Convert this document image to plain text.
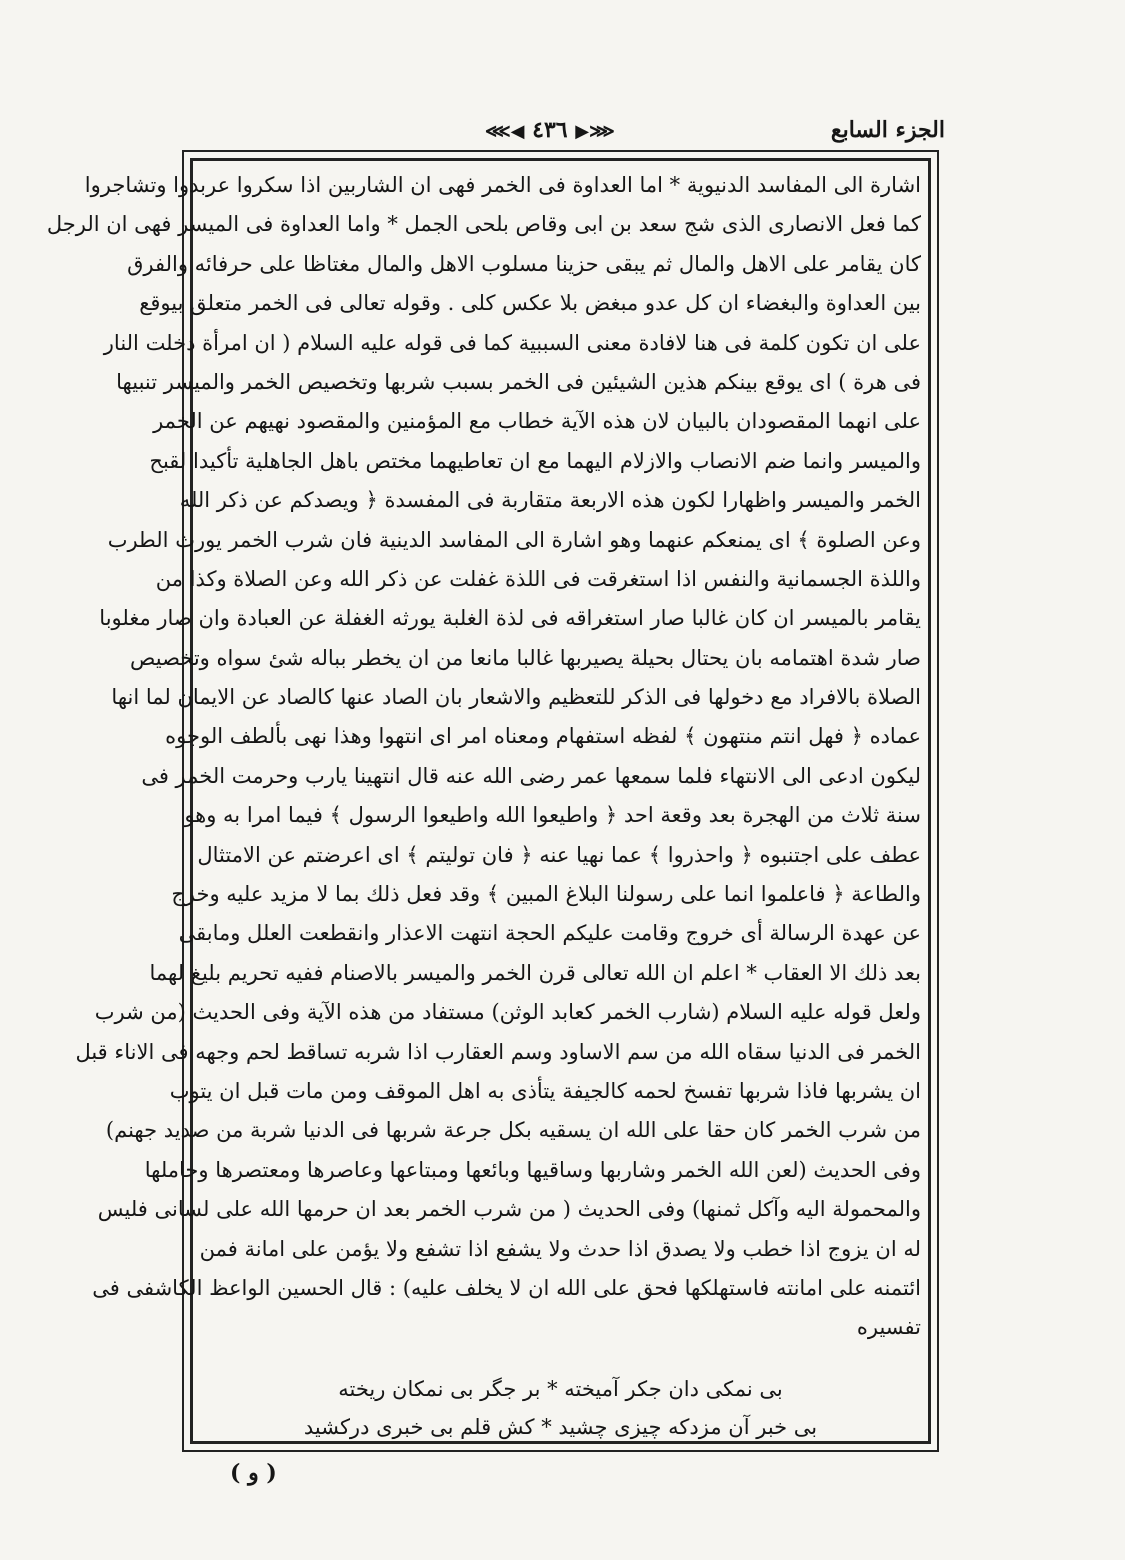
الجزء السابع
⋘▶ ٤٣٦ ◀⋙
اشارة الى المفاسد الدنيوية * اما العداوة فى الخمر فهى ان الشاربين اذا سكروا عربدوا وتشاجروا
كما فعل الانصارى الذى شج سعد بن ابى وقاص بلحى الجمل * واما العداوة فى الميسر فهى ان الرجل
كان يقامر على الاهل والمال ثم يبقى حزينا مسلوب الاهل والمال مغتاظا على حرفائه والفرق
بين العداوة والبغضاء ان كل عدو مبغض بلا عكس كلى . وقوله تعالى فى الخمر متعلق بيوقع
على ان تكون كلمة فى هنا لافادة معنى السببية كما فى قوله عليه السلام ( ان امرأة دخلت النار
فى هرة ) اى يوقع بينكم هذين الشيئين فى الخمر بسبب شربها وتخصيص الخمر والميسر تنبيها
على انهما المقصودان بالبيان لان هذه الآية خطاب مع المؤمنين والمقصود نهيهم عن الخمر
والميسر وانما ضم الانصاب والازلام اليهما مع ان تعاطيهما مختص باهل الجاهلية تأكيدا لقبح
الخمر والميسر واظهارا لكون هذه الاربعة متقاربة فى المفسدة ﴿ ويصدكم عن ذكر الله
وعن الصلوة ﴾ اى يمنعكم عنهما وهو اشارة الى المفاسد الدينية فان شرب الخمر يورث الطرب
واللذة الجسمانية والنفس اذا استغرقت فى اللذة غفلت عن ذكر الله وعن الصلاة وكذا من
يقامر بالميسر ان كان غالبا صار استغراقه فى لذة الغلبة يورثه الغفلة عن العبادة وان صار مغلوبا
صار شدة اهتمامه بان يحتال بحيلة يصيربها غالبا مانعا من ان يخطر بباله شئ سواه وتخصيص
الصلاة بالافراد مع دخولها فى الذكر للتعظيم والاشعار بان الصاد عنها كالصاد عن الايمان لما انها
عماده ﴿ فهل انتم منتهون ﴾ لفظه استفهام ومعناه امر اى انتهوا وهذا نهى بألطف الوجوه
ليكون ادعى الى الانتهاء فلما سمعها عمر رضى الله عنه قال انتهينا يارب وحرمت الخمر فى
سنة ثلاث من الهجرة بعد وقعة احد ﴿ واطيعوا الله واطيعوا الرسول ﴾ فيما امرا به وهو
عطف على اجتنبوه ﴿ واحذروا ﴾ عما نهيا عنه ﴿ فان توليتم ﴾ اى اعرضتم عن الامتثال
والطاعة ﴿ فاعلموا انما على رسولنا البلاغ المبين ﴾ وقد فعل ذلك بما لا مزيد عليه وخرج
عن عهدة الرسالة أى خروج وقامت عليكم الحجة انتهت الاعذار وانقطعت العلل ومابقى
بعد ذلك الا العقاب * اعلم ان الله تعالى قرن الخمر والميسر بالاصنام ففيه تحريم بليغ لهما
ولعل قوله عليه السلام (شارب الخمر كعابد الوثن) مستفاد من هذه الآية وفى الحديث (من شرب
الخمر فى الدنيا سقاه الله من سم الاساود وسم العقارب اذا شربه تساقط لحم وجهه فى الاناء قبل
ان يشربها فاذا شربها تفسخ لحمه كالجيفة يتأذى به اهل الموقف ومن مات قبل ان يتوب
من شرب الخمر كان حقا على الله ان يسقيه بكل جرعة شربها فى الدنيا شربة من صديد جهنم)
وفى الحديث (لعن الله الخمر وشاربها وساقيها وبائعها ومبتاعها وعاصرها ومعتصرها وحاملها
والمحمولة اليه وآكل ثمنها) وفى الحديث ( من شرب الخمر بعد ان حرمها الله على لسانى فليس
له ان يزوج اذا خطب ولا يصدق اذا حدث ولا يشفع اذا تشفع ولا يؤمن على امانة فمن
ائتمنه على امانته فاستهلكها فحق على الله ان لا يخلف عليه) : قال الحسين الواعظ الكاشفى فى
تفسيره
بى نمكى دان جكر آميخته * بر جگر بى نمكان ريخته
بى خبر آن مزدكه چيزى چشيد * كش قلم بى خبرى دركشيد
( و )
